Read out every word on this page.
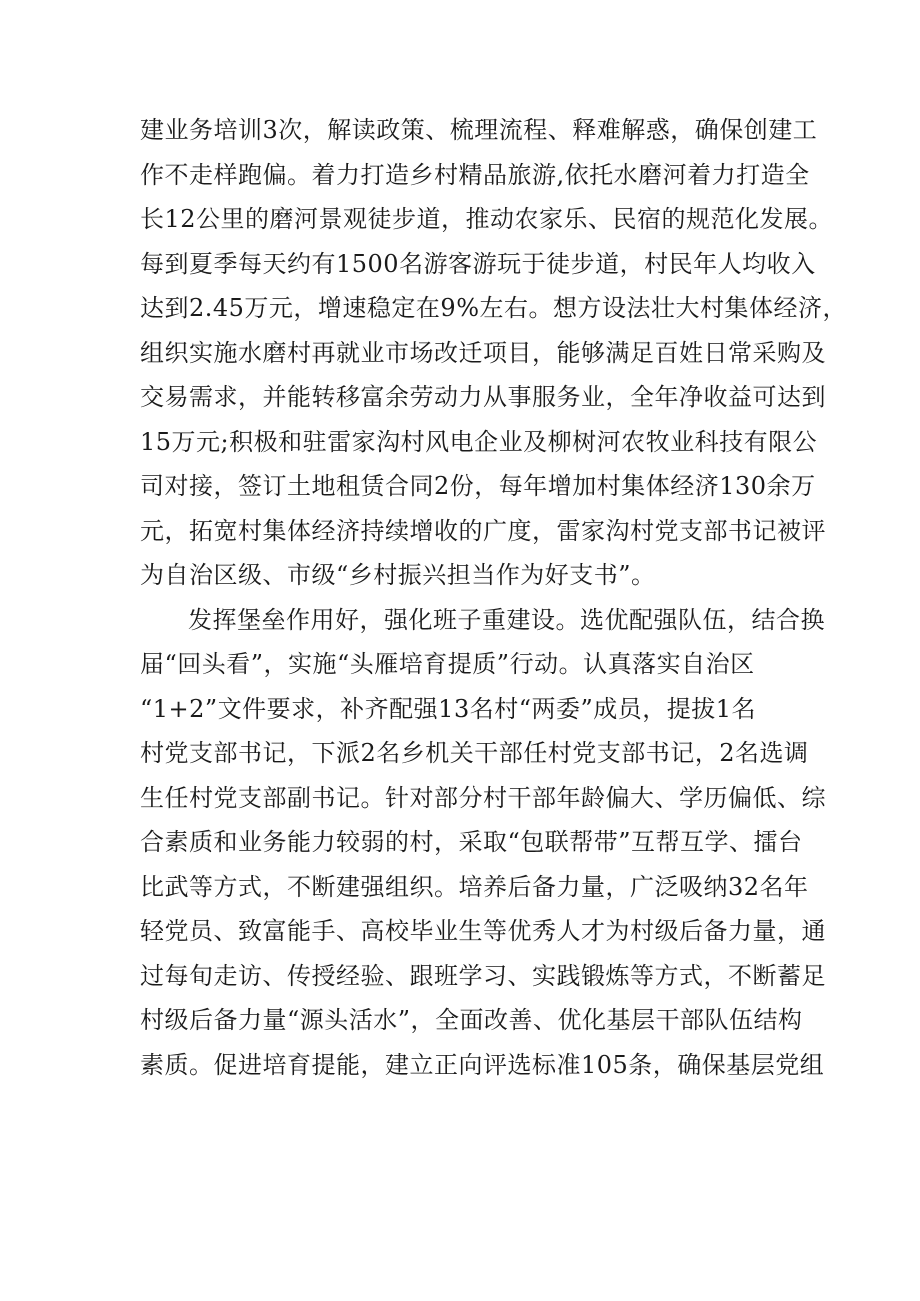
建业务培训3次，解读政策、梳理流程、释难解惑，确保创建工
作不走样跑偏。着力打造乡村精品旅游,依托水磨河着力打造全
长12公里的磨河景观徒步道，推动农家乐、民宿的规范化发展。
每到夏季每天约有1500名游客游玩于徒步道，村民年人均收入
达到2.45万元，增速稳定在9%左右。想方设法壮大村集体经济，
组织实施水磨村再就业市场改迁项目，能够满足百姓日常采购及
交易需求，并能转移富余劳动力从事服务业，全年净收益可达到
15万元;积极和驻雷家沟村风电企业及柳树河农牧业科技有限公
司对接，签订土地租赁合同2份，每年增加村集体经济130余万
元，拓宽村集体经济持续增收的广度，雷家沟村党支部书记被评
为自治区级、市级“乡村振兴担当作为好支书”。
发挥堡垒作用好，强化班子重建设。选优配强队伍，结合换
届“回头看”，实施“头雁培育提质”行动。认真落实自治区
“1+2”文件要求，补齐配强13名村“两委”成员，提拔1名
村党支部书记，下派2名乡机关干部任村党支部书记，2名选调
生任村党支部副书记。针对部分村干部年龄偏大、学历偏低、综
合素质和业务能力较弱的村，采取“包联帮带”互帮互学、擂台
比武等方式，不断建强组织。培养后备力量，广泛吸纳32名年
轻党员、致富能手、高校毕业生等优秀人才为村级后备力量，通
过每旬走访、传授经验、跟班学习、实践锻炼等方式，不断蓄足
村级后备力量“源头活水”，全面改善、优化基层干部队伍结构
素质。促进培育提能，建立正向评选标准105条，确保基层党组
